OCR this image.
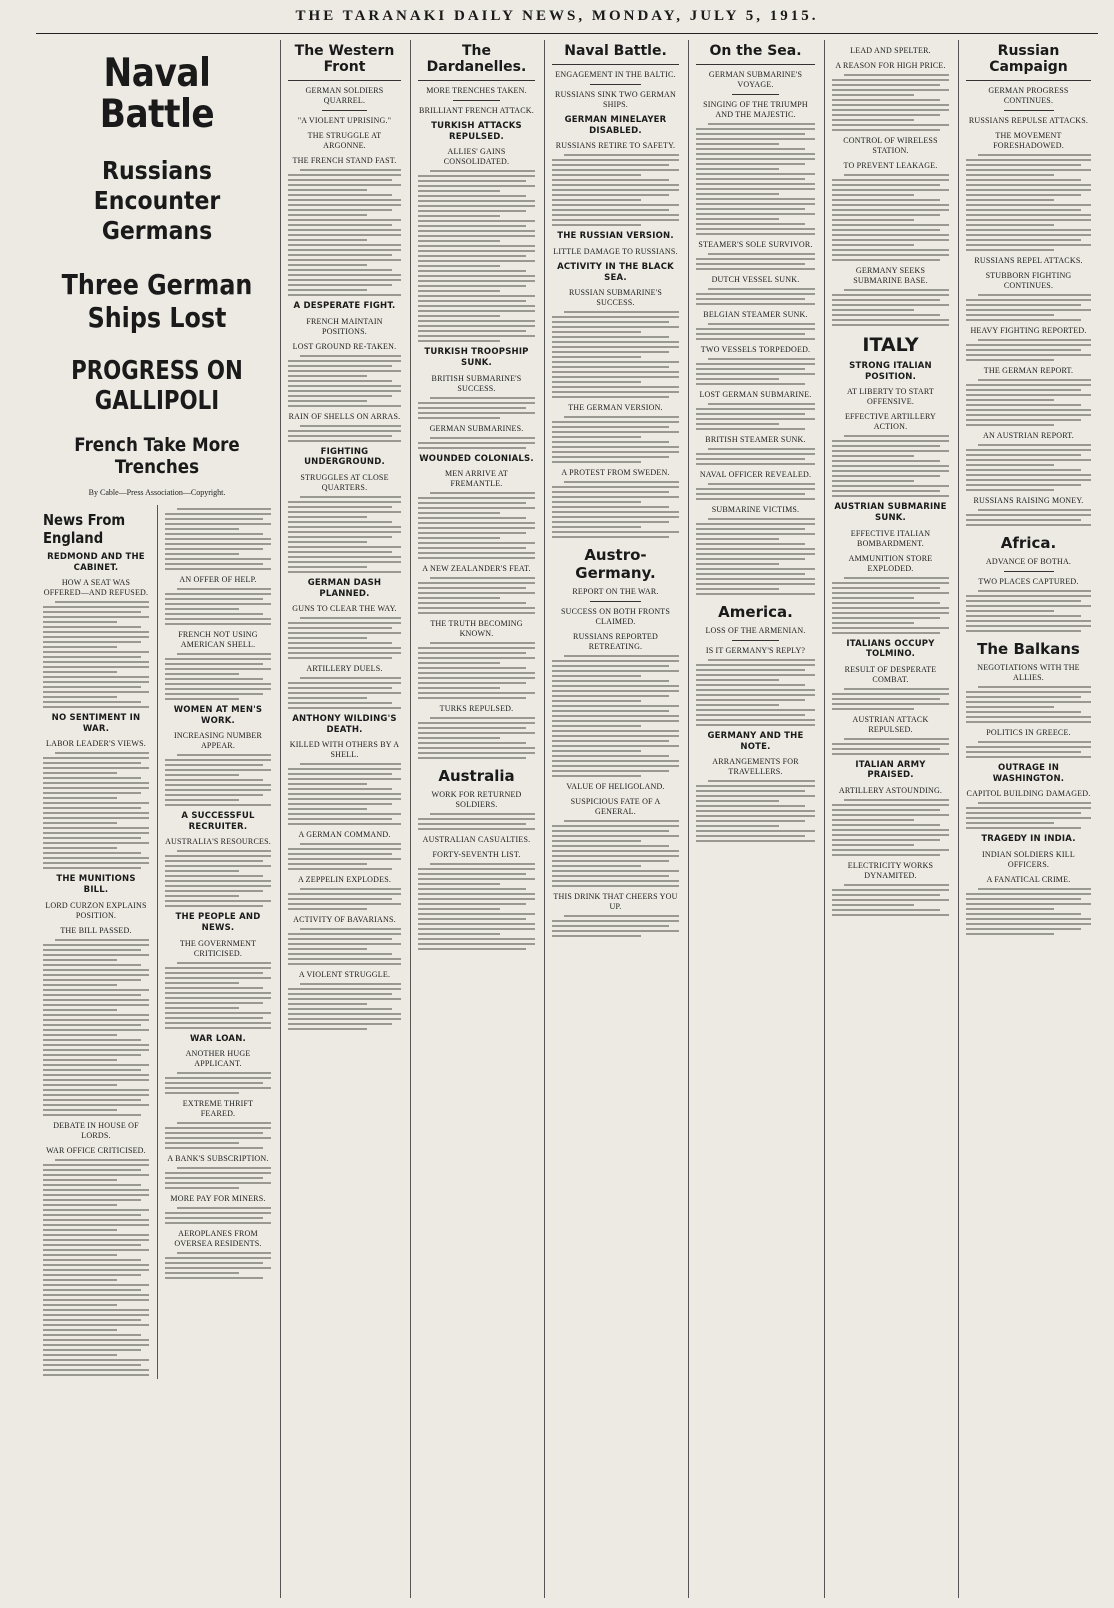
THE TARANAKI DAILY NEWS, MONDAY, JULY 5, 1915.
Naval Battle
Russians Encounter Germans
Three German Ships Lost
PROGRESS ON GALLIPOLI
French Take More Trenches
By Cable—Press Association—Copyright.
News From England
REDMOND AND THE CABINET.
HOW A SEAT WAS OFFERED—AND REFUSED.
NO SENTIMENT IN WAR.
LABOR LEADER'S VIEWS.
THE MUNITIONS BILL.
LORD CURZON EXPLAINS POSITION.
THE BILL PASSED.
DEBATE IN HOUSE OF LORDS.
WAR OFFICE CRITICISED.
AN OFFER OF HELP.
FRENCH NOT USING AMERICAN SHELL.
WOMEN AT MEN'S WORK.
INCREASING NUMBER APPEAR.
A SUCCESSFUL RECRUITER.
AUSTRALIA'S RESOURCES.
THE PEOPLE AND NEWS.
THE GOVERNMENT CRITICISED.
WAR LOAN.
ANOTHER HUGE APPLICANT.
EXTREME THRIFT FEARED.
A BANK'S SUBSCRIPTION.
MORE PAY FOR MINERS.
AEROPLANES FROM OVERSEA RESIDENTS.
The Western Front
GERMAN SOLDIERS QUARREL.
"A VIOLENT UPRISING."
THE STRUGGLE AT ARGONNE.
THE FRENCH STAND FAST.
A DESPERATE FIGHT.
FRENCH MAINTAIN POSITIONS.
LOST GROUND RE-TAKEN.
RAIN OF SHELLS ON ARRAS.
FIGHTING UNDERGROUND.
STRUGGLES AT CLOSE QUARTERS.
GERMAN DASH PLANNED.
GUNS TO CLEAR THE WAY.
ARTILLERY DUELS.
ANTHONY WILDING'S DEATH.
KILLED WITH OTHERS BY A SHELL.
A GERMAN COMMAND.
A ZEPPELIN EXPLODES.
ACTIVITY OF BAVARIANS.
A VIOLENT STRUGGLE.
The Dardanelles.
MORE TRENCHES TAKEN.
BRILLIANT FRENCH ATTACK.
TURKISH ATTACKS REPULSED.
ALLIES' GAINS CONSOLIDATED.
TURKISH TROOPSHIP SUNK.
BRITISH SUBMARINE'S SUCCESS.
GERMAN SUBMARINES.
WOUNDED COLONIALS.
MEN ARRIVE AT FREMANTLE.
A NEW ZEALANDER'S FEAT.
THE TRUTH BECOMING KNOWN.
TURKS REPULSED.
Australia
WORK FOR RETURNED SOLDIERS.
AUSTRALIAN CASUALTIES.
FORTY-SEVENTH LIST.
Naval Battle.
ENGAGEMENT IN THE BALTIC.
RUSSIANS SINK TWO GERMAN SHIPS.
GERMAN MINELAYER DISABLED.
RUSSIANS RETIRE TO SAFETY.
THE RUSSIAN VERSION.
LITTLE DAMAGE TO RUSSIANS.
ACTIVITY IN THE BLACK SEA.
RUSSIAN SUBMARINE'S SUCCESS.
THE GERMAN VERSION.
A PROTEST FROM SWEDEN.
Austro-Germany.
REPORT ON THE WAR.
SUCCESS ON BOTH FRONTS CLAIMED.
RUSSIANS REPORTED RETREATING.
VALUE OF HELIGOLAND.
SUSPICIOUS FATE OF A GENERAL.
THIS DRINK THAT CHEERS YOU UP.
On the Sea.
GERMAN SUBMARINE'S VOYAGE.
SINGING OF THE TRIUMPH AND THE MAJESTIC.
STEAMER'S SOLE SURVIVOR.
DUTCH VESSEL SUNK.
BELGIAN STEAMER SUNK.
TWO VESSELS TORPEDOED.
LOST GERMAN SUBMARINE.
BRITISH STEAMER SUNK.
NAVAL OFFICER REVEALED.
SUBMARINE VICTIMS.
America.
LOSS OF THE ARMENIAN.
IS IT GERMANY'S REPLY?
GERMANY AND THE NOTE.
ARRANGEMENTS FOR TRAVELLERS.
LEAD AND SPELTER.
A REASON FOR HIGH PRICE.
CONTROL OF WIRELESS STATION.
TO PREVENT LEAKAGE.
GERMANY SEEKS SUBMARINE BASE.
ITALY
STRONG ITALIAN POSITION.
AT LIBERTY TO START OFFENSIVE.
EFFECTIVE ARTILLERY ACTION.
AUSTRIAN SUBMARINE SUNK.
EFFECTIVE ITALIAN BOMBARDMENT.
AMMUNITION STORE EXPLODED.
ITALIANS OCCUPY TOLMINO.
RESULT OF DESPERATE COMBAT.
AUSTRIAN ATTACK REPULSED.
ITALIAN ARMY PRAISED.
ARTILLERY ASTOUNDING.
ELECTRICITY WORKS DYNAMITED.
Russian Campaign
GERMAN PROGRESS CONTINUES.
RUSSIANS REPULSE ATTACKS.
THE MOVEMENT FORESHADOWED.
RUSSIANS REPEL ATTACKS.
STUBBORN FIGHTING CONTINUES.
HEAVY FIGHTING REPORTED.
THE GERMAN REPORT.
AN AUSTRIAN REPORT.
RUSSIANS RAISING MONEY.
Africa.
ADVANCE OF BOTHA.
TWO PLACES CAPTURED.
The Balkans
NEGOTIATIONS WITH THE ALLIES.
POLITICS IN GREECE.
OUTRAGE IN WASHINGTON.
CAPITOL BUILDING DAMAGED.
TRAGEDY IN INDIA.
INDIAN SOLDIERS KILL OFFICERS.
A FANATICAL CRIME.
